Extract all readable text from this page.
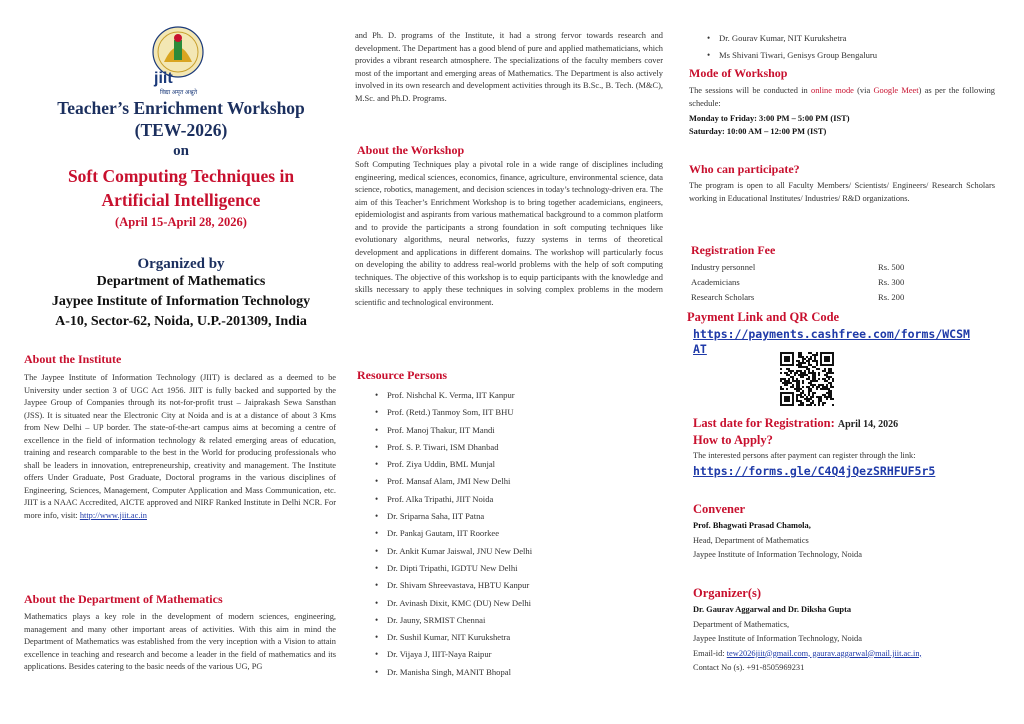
jiit
विद्या अमृत अश्नुते
Teacher’s Enrichment Workshop
(TEW-2026)
on
Soft Computing Techniques in
Artificial Intelligence
(April 15-April 28, 2026)
Organized by
Department of Mathematics
Jaypee Institute of Information Technology
A-10, Sector-62, Noida, U.P.-201309, India
About the Institute

The Jaypee Institute of Information Technology (JIIT) is declared as a deemed to be University under section 3 of UGC Act 1956. JIIT is fully backed and supported by the Jaypee Group of Companies through its not-for-profit trust – Jaiprakash Sewa Sansthan (JSS). It is situated near the Electronic City at Noida and is at a distance of about 3 Kms from New Delhi – UP border. The state-of-the-art campus aims at becoming a centre of excellence in the field of information technology & related emerging areas of education, training and research comparable to the best in the World for producing professionals who shall be leaders in innovation, entrepreneurship, creativity and management. The Institute offers Under Graduate, Post Graduate, Doctoral programs in the various disciplines of Engineering, Sciences, Management, Computer Application and Mass Communication, etc. JIIT is a NAAC Accredited, AICTE approved and NIRF Ranked Institute in Delhi NCR. For more info, visit: http://www.jiit.ac.in

About the Department of Mathematics

Mathematics plays a key role in the development of modern sciences, engineering, management and many other important areas of activities. With this aim in mind the Department of Mathematics was established from the very inception with a Vision to attain excellence in teaching and research and become a leader in the field of mathematics and its applications. Besides catering to the basic needs of the various UG, PG

and Ph. D. programs of the Institute, it had a strong fervor towards research and development. The Department has a good blend of pure and applied mathematicians, which provides a vibrant research atmosphere. The specializations of the faculty members cover most of the important and emerging areas of Mathematics. The Department is also actively involved in its own research and development activities through its B.Sc., B. Tech. (M&C), M.Sc. and Ph.D. Programs.

About the Workshop

Soft Computing Techniques play a pivotal role in a wide range of disciplines including engineering, medical sciences, economics, finance, agriculture, environmental science, data science, robotics, management, and decision sciences in today’s technology-driven era. The aim of this Teacher’s Enrichment Workshop is to bring together academicians, engineers, epidemiologist and aspirants from various mathematical background to a common platform and to provide the participants a strong foundation in soft computing techniques like evolutionary algorithms, neural networks, fuzzy systems in terms of theoretical development and applications in different domains. The workshop will particularly focus on developing the ability to address real-world problems with the help of soft computing techniques. The objective of this workshop is to equip participants with the knowledge and skills necessary to apply these techniques in solving complex problems in the modern scientific and technological environment.

Resource Persons
• Prof. Nishchal K. Verma, IIT Kanpur
• Prof. (Retd.) Tanmoy Som, IIT BHU
• Prof. Manoj Thakur, IIT Mandi
• Prof. S. P. Tiwari, ISM Dhanbad
• Prof. Ziya Uddin, BML Munjal
• Prof. Mansaf Alam, JMI New Delhi
• Prof. Alka Tripathi, JIIT Noida
• Dr. Sriparna Saha, IIT Patna
• Dr. Pankaj Gautam, IIT Roorkee
• Dr. Ankit Kumar Jaiswal, JNU New Delhi
• Dr. Dipti Tripathi, IGDTU New Delhi
• Dr. Shivam Shreevastava, HBTU Kanpur
• Dr. Avinash Dixit, KMC (DU) New Delhi
• Dr. Jauny, SRMIST Chennai
• Dr. Sushil Kumar, NIT Kurukshetra
• Dr. Vijaya J, IIIT-Naya Raipur
• Dr. Manisha Singh, MANIT Bhopal
• Dr. Gourav Kumar, NIT Kurukshetra
• Ms Shivani Tiwari, Genisys Group Bengaluru
Mode of Workshop

The sessions will be conducted in online mode (via Google Meet) as per the following schedule:

Monday to Friday: 3:00 PM – 5:00 PM (IST)

Saturday: 10:00 AM – 12:00 PM (IST)

Who can participate?

The program is open to all Faculty Members/ Scientists/ Engineers/ Research Scholars working in Educational Institutes/ Industries/ R&D organizations.

Registration Fee
Industry personnel	Rs. 500
Academicians	Rs. 300
Research Scholars	Rs. 200
Payment Link and QR Code
https://payments.cashfree.com/forms/WCSM
AT
Last date for Registration: April 14, 2026
How to Apply?
The interested persons after payment can register through the link:
https://forms.gle/C4Q4jQezSRHFUF5r5
Convener

Prof. Bhagwati Prasad Chamola,

Head, Department of Mathematics

Jaypee Institute of Information Technology, Noida

Organizer(s)

Dr. Gaurav Aggarwal and Dr. Diksha Gupta

Department of Mathematics,

Jaypee Institute of Information Technology, Noida

Email-id: tew2026jiit@gmail.com, gaurav.aggarwal@mail.jiit.ac.in,

Contact No (s). +91-8505969231
